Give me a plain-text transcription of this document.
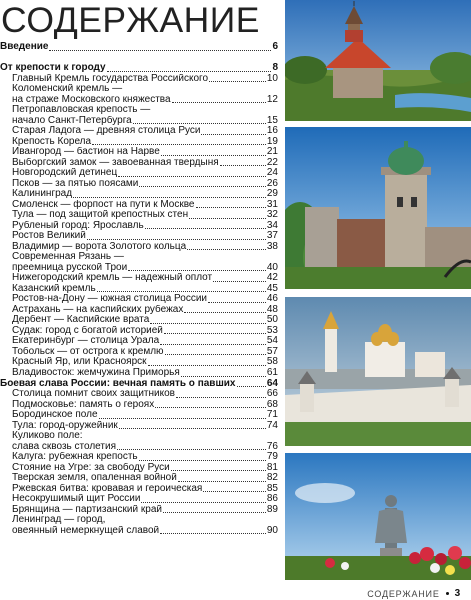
СОДЕРЖАНИЕ
Введение	6
От крепости к городу	8
Главный Кремль государства Российского	10
Коломенский кремль —
на страже Московского княжества	12
Петропавловская крепость —
начало Санкт-Петербурга	15
Старая Ладога — древняя столица Руси	16
Крепость Корела	19
Ивангород — бастион на Нарве	21
Выборгский замок — завоеванная твердыня	22
Новгородский детинец	24
Псков — за пятью поясами	26
Калининград	29
Смоленск — форпост на пути к Москве	31
Тула — под защитой крепостных стен	32
Рубленый город: Ярославль	34
Ростов Великий	37
Владимир — ворота Золотого кольца	38
Современная Рязань —
преемница русской Трои	40
Нижегородский кремль — надежный оплот	42
Казанский кремль	45
Ростов-на-Дону — южная столица России	46
Астрахань — на каспийских рубежах	48
Дербент — Каспийские врата	50
Судак: город с богатой историей	53
Екатеринбург — столица Урала	54
Тобольск — от острога к кремлю	57
Красный Яр, или Красноярск	58
Владивосток: жемчужина Приморья	61
Боевая слава России: вечная память о павших	64
Столица помнит своих защитников	66
Подмосковье: память о героях	68
Бородинское поле	71
Тула: город-оружейник	74
Куликово поле:
слава сквозь столетия	76
Калуга: рубежная крепость	79
Стояние на Угре: за свободу Руси	81
Тверская земля, опаленная войной	82
Ржевская битва: кровавая и героическая	85
Несокрушимый щит России	86
Брянщина — партизанский край	89
Ленинград — город,
овеянный немеркнущей славой	90
СОДЕРЖАНИЕ 3
